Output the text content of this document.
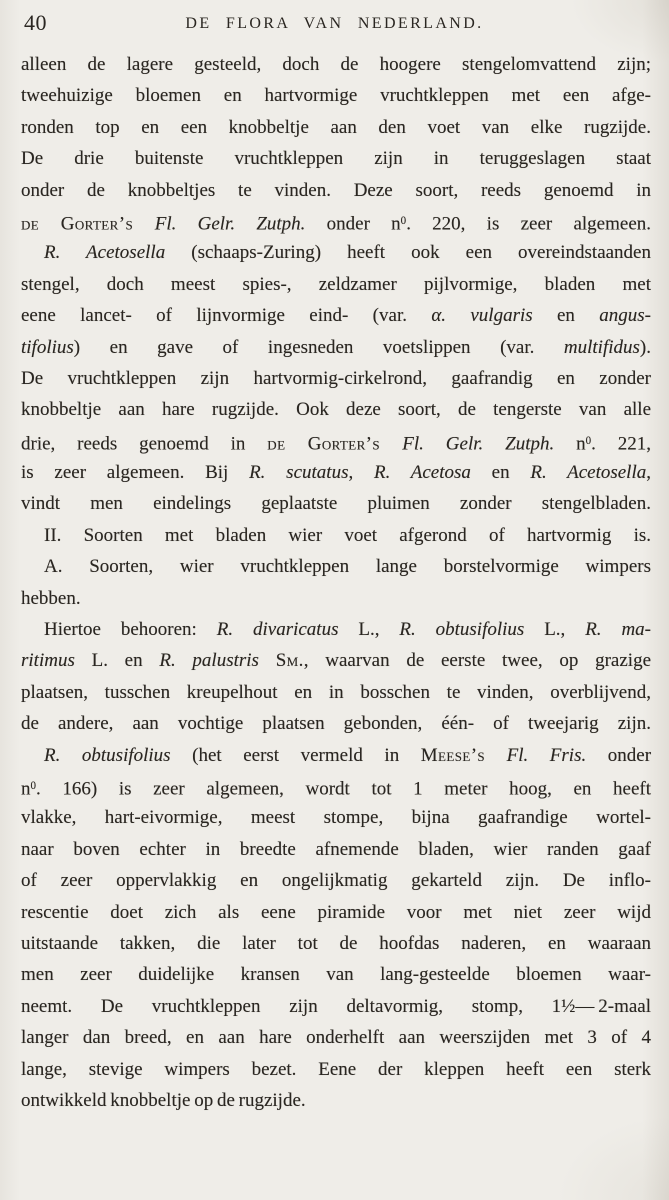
40	DE FLORA VAN NEDERLAND.
alleen de lagere gesteeld, doch de hoogere stengelomvattend zijn;
tweehuizige bloemen en hartvormige vruchtkleppen met een afge-
ronden top en een knobbeltje aan den voet van elke rugzijde.
De drie buitenste vruchtkleppen zijn in teruggeslagen staat
onder de knobbeltjes te vinden. Deze soort, reeds genoemd in
de Gorter’s Fl. Gelr. Zutph. onder $n^0$. 220, is zeer algemeen.
R. Acetosella (schaaps-Zuring) heeft ook een overeindstaanden
stengel, doch meest spies-, zeldzamer pijlvormige, bladen met
eene lancet- of lijnvormige eind- (var. α. vulgaris en angus-
tifolius) en gave of ingesneden voetslippen (var. multifidus).
De vruchtkleppen zijn hartvormig-cirkelrond, gaafrandig en zonder
knobbeltje aan hare rugzijde. Ook deze soort, de tengerste van alle
drie, reeds genoemd in de Gorter’s Fl. Gelr. Zutph. $n^0$. 221,
is zeer algemeen. Bij R. scutatus, R. Acetosa en R. Acetosella,
vindt men eindelings geplaatste pluimen zonder stengelbladen.
II. Soorten met bladen wier voet afgerond of hartvormig is.
A. Soorten, wier vruchtkleppen lange borstelvormige wimpers
hebben.
Hiertoe behooren: R. divaricatus L., R. obtusifolius L., R. ma-
ritimus L. en R. palustris Sm., waarvan de eerste twee, op grazige
plaatsen, tusschen kreupelhout en in bosschen te vinden, overblijvend,
de andere, aan vochtige plaatsen gebonden, één- of tweejarig zijn.
R. obtusifolius (het eerst vermeld in Meese’s Fl. Fris. onder
$n^0$. 166) is zeer algemeen, wordt tot 1 meter hoog, en heeft
vlakke, hart-eivormige, meest stompe, bijna gaafrandige wortel-
naar boven echter in breedte afnemende bladen, wier randen gaaf
of zeer oppervlakkig en ongelijkmatig gekarteld zijn. De inflo-
rescentie doet zich als eene piramide voor met niet zeer wijd
uitstaande takken, die later tot de hoofdas naderen, en waaraan
men zeer duidelijke kransen van lang-gesteelde bloemen waar-
neemt. De vruchtkleppen zijn deltavormig, stomp, 1½— 2-maal
langer dan breed, en aan hare onderhelft aan weerszijden met 3 of 4
lange, stevige wimpers bezet. Eene der kleppen heeft een sterk
ontwikkeld knobbeltje op de rugzijde.
